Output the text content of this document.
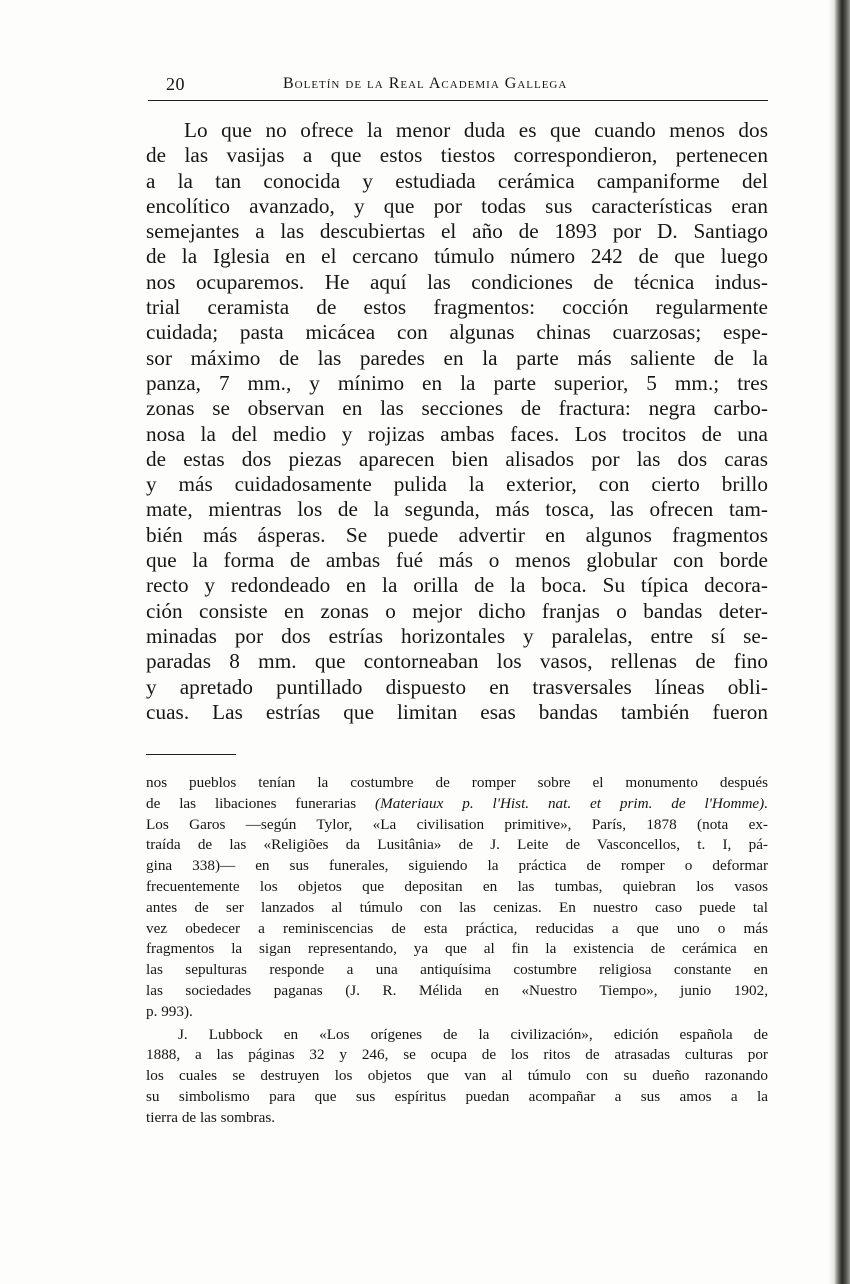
20	Boletín de la Real Academia Gallega
Lo que no ofrece la menor duda es que cuando menos dos
de las vasijas a que estos tiestos correspondieron, pertenecen
a la tan conocida y estudiada cerámica campaniforme del
encolítico avanzado, y que por todas sus características eran
semejantes a las descubiertas el año de 1893 por D. Santiago
de la Iglesia en el cercano túmulo número 242 de que luego
nos ocuparemos. He aquí las condiciones de técnica indus-
trial ceramista de estos fragmentos: cocción regularmente
cuidada; pasta micácea con algunas chinas cuarzosas; espe-
sor máximo de las paredes en la parte más saliente de la
panza, 7 mm., y mínimo en la parte superior, 5 mm.; tres
zonas se observan en las secciones de fractura: negra carbo-
nosa la del medio y rojizas ambas faces. Los trocitos de una
de estas dos piezas aparecen bien alisados por las dos caras
y más cuidadosamente pulida la exterior, con cierto brillo
mate, mientras los de la segunda, más tosca, las ofrecen tam-
bién más ásperas. Se puede advertir en algunos fragmentos
que la forma de ambas fué más o menos globular con borde
recto y redondeado en la orilla de la boca. Su típica decora-
ción consiste en zonas o mejor dicho franjas o bandas deter-
minadas por dos estrías horizontales y paralelas, entre sí se-
paradas 8 mm. que contorneaban los vasos, rellenas de fino
y apretado puntillado dispuesto en trasversales líneas obli-
cuas. Las estrías que limitan esas bandas también fueron
nos pueblos tenían la costumbre de romper sobre el monumento después
de las libaciones funerarias (Materiaux p. l'Hist. nat. et prim. de l'Homme).
Los Garos —según Tylor, «La civilisation primitive», París, 1878 (nota ex-
traída de las «Religiões da Lusitânia» de J. Leite de Vasconcellos, t. I, pá-
gina 338)— en sus funerales, siguiendo la práctica de romper o deformar
frecuentemente los objetos que depositan en las tumbas, quiebran los vasos
antes de ser lanzados al túmulo con las cenizas. En nuestro caso puede tal
vez obedecer a reminiscencias de esta práctica, reducidas a que uno o más
fragmentos la sigan representando, ya que al fin la existencia de cerámica en
las sepulturas responde a una antiquísima costumbre religiosa constante en
las sociedades paganas (J. R. Mélida en «Nuestro Tiempo», junio 1902,
p. 993).
J. Lubbock en «Los orígenes de la civilización», edición española de
1888, a las páginas 32 y 246, se ocupa de los ritos de atrasadas culturas por
los cuales se destruyen los objetos que van al túmulo con su dueño razonando
su simbolismo para que sus espíritus puedan acompañar a sus amos a la
tierra de las sombras.
